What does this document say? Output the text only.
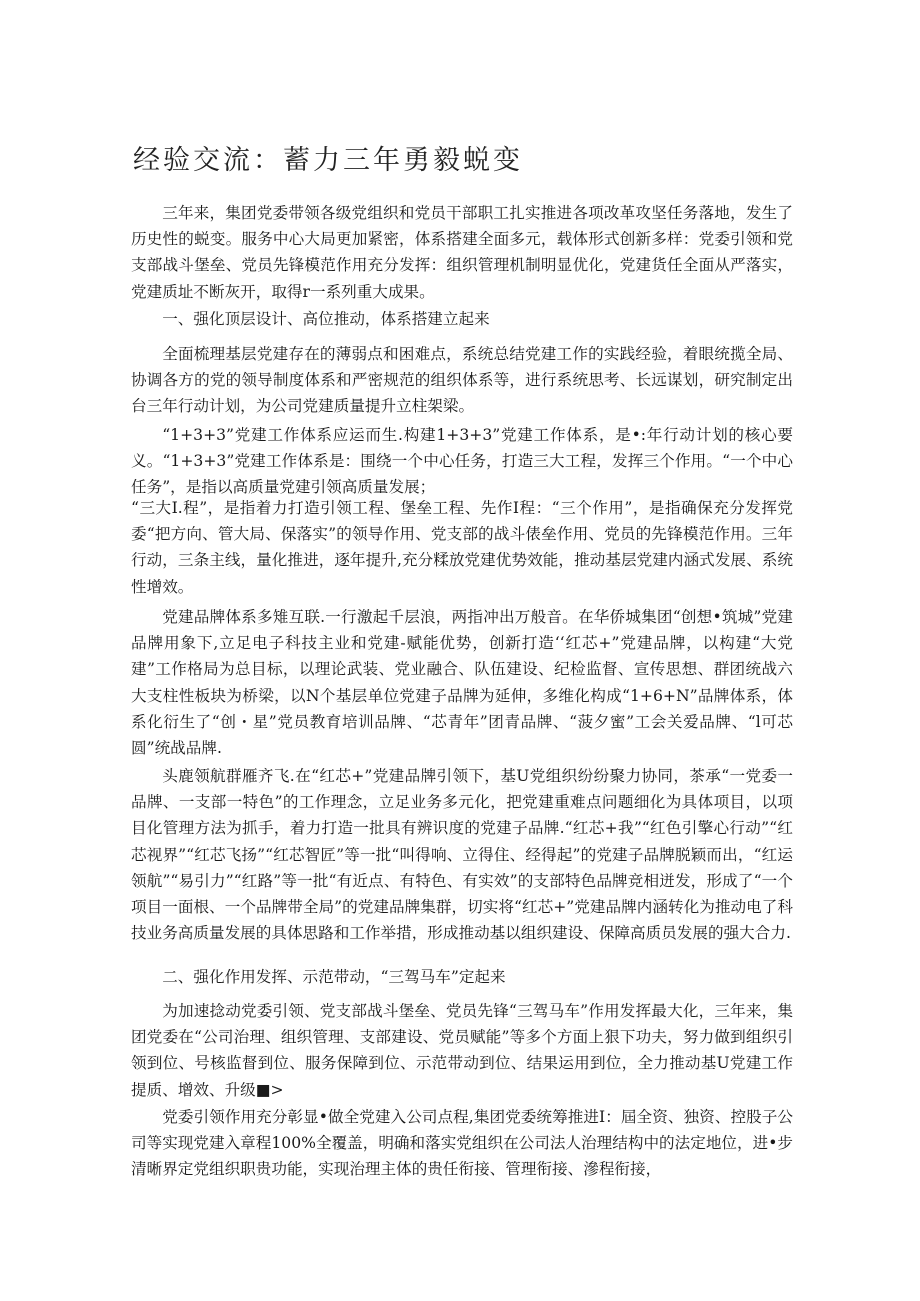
经验交流：蓄力三年勇毅蜕变

三年来，集团党委带领各级党组织和党员干部职工扎实推进各项改革攻坚任务落地，发生了历史性的蜕变。服务中心大局更加紧密，体系搭建全面多元，载体形式创新多样：党委引领和党支部战斗堡垒、党员先锋模范作用充分发挥：组织管理机制明显优化，党建货任全面从严落实，党建质址不断灰开，取得r一系列重大成果。

一、强化顶层设计、高位推动，体系搭建立起来

全面梳理基层党建存在的薄弱点和困难点，系统总结党建工作的实践经验，着眼统揽全局、协调各方的党的领导制度体系和严密规范的组织体系等，进行系统思考、长远谋划，研究制定出台三年行动计划，为公司党建质量提升立柱架梁。

“1+3+3”党建工作体系应运而生.构建1+3+3”党建工作体系，是•:年行动计划的核心要义。“1+3+3”党建工作体系是：围绕一个中心任务，打造三大工程，发挥三个作用。“一个中心任务”，是指以高质量党建引领高质量发展；

“三大I.程”，是指着力打造引领工程、堡垒工程、先作I程：“三个作用”，是指确保充分发挥党委“把方向、管大局、保落实”的领导作用、党支部的战斗俵垒作用、党员的先锋模范作用。三年行动，三条主线，量化推进，逐年提升,充分糅放党建优势效能，推动基层党建内涵式发展、系统性增效。

党建品牌体系多雉互联.一行激起千层浪，两指冲出万般音。在华侨城集团“创想•筑城”党建品牌用象下,立足电子科技主业和党建-赋能优势，创新打造‘‘红芯+”党建品牌，以构建“大党建”工作格局为总目标，以理论武装、党业融合、队伍建设、纪检监督、宣传思想、群团统战六大支柱性板块为桥梁，以N个基层单位党建子品牌为延伸，多维化构成“1+6+N”品牌体系，体系化衍生了“创・星”党员教育培训品牌、“芯青年”团青品牌、“菠夕蜜”工会关爱品牌、“l可芯圆”统战品牌.

头鹿领航群雁齐飞.在“红芯+”党建品牌引领下，基U党组织纷纷聚力协同，茶承“一党委一品牌、一支部一特色”的工作理念，立足业务多元化，把党建重难点问题细化为具体项目，以项目化管理方法为抓手，着力打造一批具有辨识度的党建子品牌.“红芯+我”“红色引擎心行动”“红芯视界”“红芯飞扬”“红芯智匠”等一批“叫得响、立得住、经得起”的党建子品牌脱颖而出，“红运领航”“易引力”“红路”等一批“有近点、有特色、有实效”的支部特色品牌竞相迸发，形成了“一个项目一面根、一个品牌带全局”的党建品牌集群，切实将“红芯+”党建品牌内涵转化为推动电了科技业务高质量发展的具体思路和工作举措，形成推动基以组织建设、保障高质员发展的强大合力.

二、强化作用发挥、示范带动，“三驾马车”定起来

为加速捻动党委引领、党支部战斗堡垒、党员先锋“三驾马车”作用发挥最大化，三年来，集团党委在“公司治理、组织管理、支部建设、党员赋能”等多个方面上狠下功夫，努力做到组织引领到位、号核监督到位、服务保障到位、示范带动到位、结果运用到位，全力推动基U党建工作提质、增效、升级■>

党委引领作用充分彰显•做全党建入公司点程,集团党委统筹推进I：屆全资、独资、控股子公司等实现党建入章程100%全覆盖，明确和落实党组织在公司法人治理结构中的法定地位，进•步清晰界定党组织职贵功能，实现治理主体的贵任衔接、管理衔接、滲程衔接，
